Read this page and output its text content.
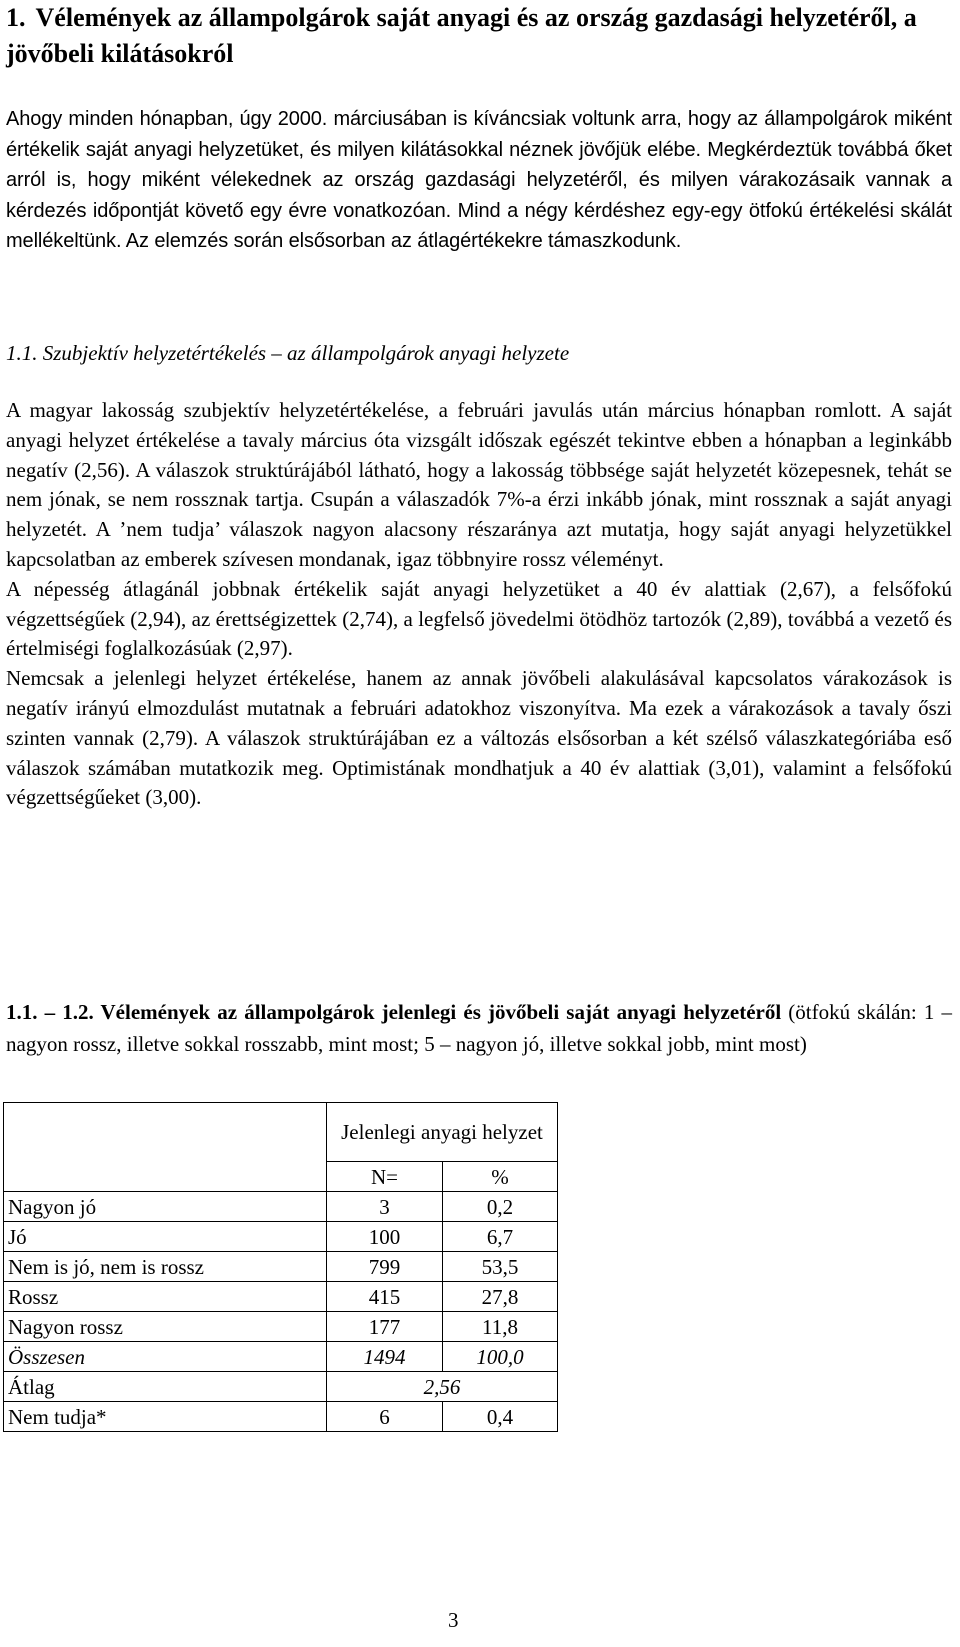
1. Vélemények az állampolgárok saját anyagi és az ország gazdasági helyzetéről, a jövőbeli kilátásokról

Ahogy minden hónapban, úgy 2000. márciusában is kíváncsiak voltunk arra, hogy az állampolgárok miként értékelik saját anyagi helyzetüket, és milyen kilátásokkal néznek jövőjük elébe. Megkérdeztük továbbá őket arról is, hogy miként vélekednek az ország gazdasági helyzetéről, és milyen várakozásaik vannak a kérdezés időpontját követő egy évre vonatkozóan. Mind a négy kérdéshez egy-egy ötfokú értékelési skálát mellékeltünk. Az elemzés során elsősorban az átlagértékekre támaszkodunk.

1.1. Szubjektív helyzetértékelés – az állampolgárok anyagi helyzete

A magyar lakosság szubjektív helyzetértékelése, a februári javulás után március hónapban romlott. A saját anyagi helyzet értékelése a tavaly március óta vizsgált időszak egészét tekintve ebben a hónapban a leginkább negatív (2,56). A válaszok struktúrájából látható, hogy a lakosság többsége saját helyzetét közepesnek, tehát se nem jónak, se nem rossznak tartja. Csupán a válaszadók 7%-a érzi inkább jónak, mint rossznak a saját anyagi helyzetét. A ’nem tudja’ válaszok nagyon alacsony részaránya azt mutatja, hogy saját anyagi helyzetükkel kapcsolatban az emberek szívesen mondanak, igaz többnyire rossz véleményt.

A népesség átlagánál jobbnak értékelik saját anyagi helyzetüket a 40 év alattiak (2,67), a felsőfokú végzettségűek (2,94), az érettségizettek (2,74), a legfelső jövedelmi ötödhöz tartozók (2,89), továbbá a vezető és értelmiségi foglalkozásúak (2,97).

Nemcsak a jelenlegi helyzet értékelése, hanem az annak jövőbeli alakulásával kapcsolatos várakozások is negatív irányú elmozdulást mutatnak a februári adatokhoz viszonyítva. Ma ezek a várakozások a tavaly őszi szinten vannak (2,79). A válaszok struktúrájában ez a változás elsősorban a két szélső válaszkategóriába eső válaszok számában mutatkozik meg. Optimistának mondhatjuk a 40 év alattiak (3,01), valamint a felsőfokú végzettségűeket (3,00).

1.1. – 1.2. Vélemények az állampolgárok jelenlegi és jövőbeli saját anyagi helyzetéről (ötfokú skálán: 1 – nagyon rossz, illetve sokkal rosszabb, mint most; 5 – nagyon jó, illetve sokkal jobb, mint most)
	Jelenlegi anyagi helyzet	
	N=	%
Nagyon jó	3	0,2
Jó	100	6,7
Nem is jó, nem is rossz	799	53,5
Rossz	415	27,8
Nagyon rossz	177	11,8
Összesen	1494	100,0
Átlag	2,56	
Nem tudja*	6	0,4
3
